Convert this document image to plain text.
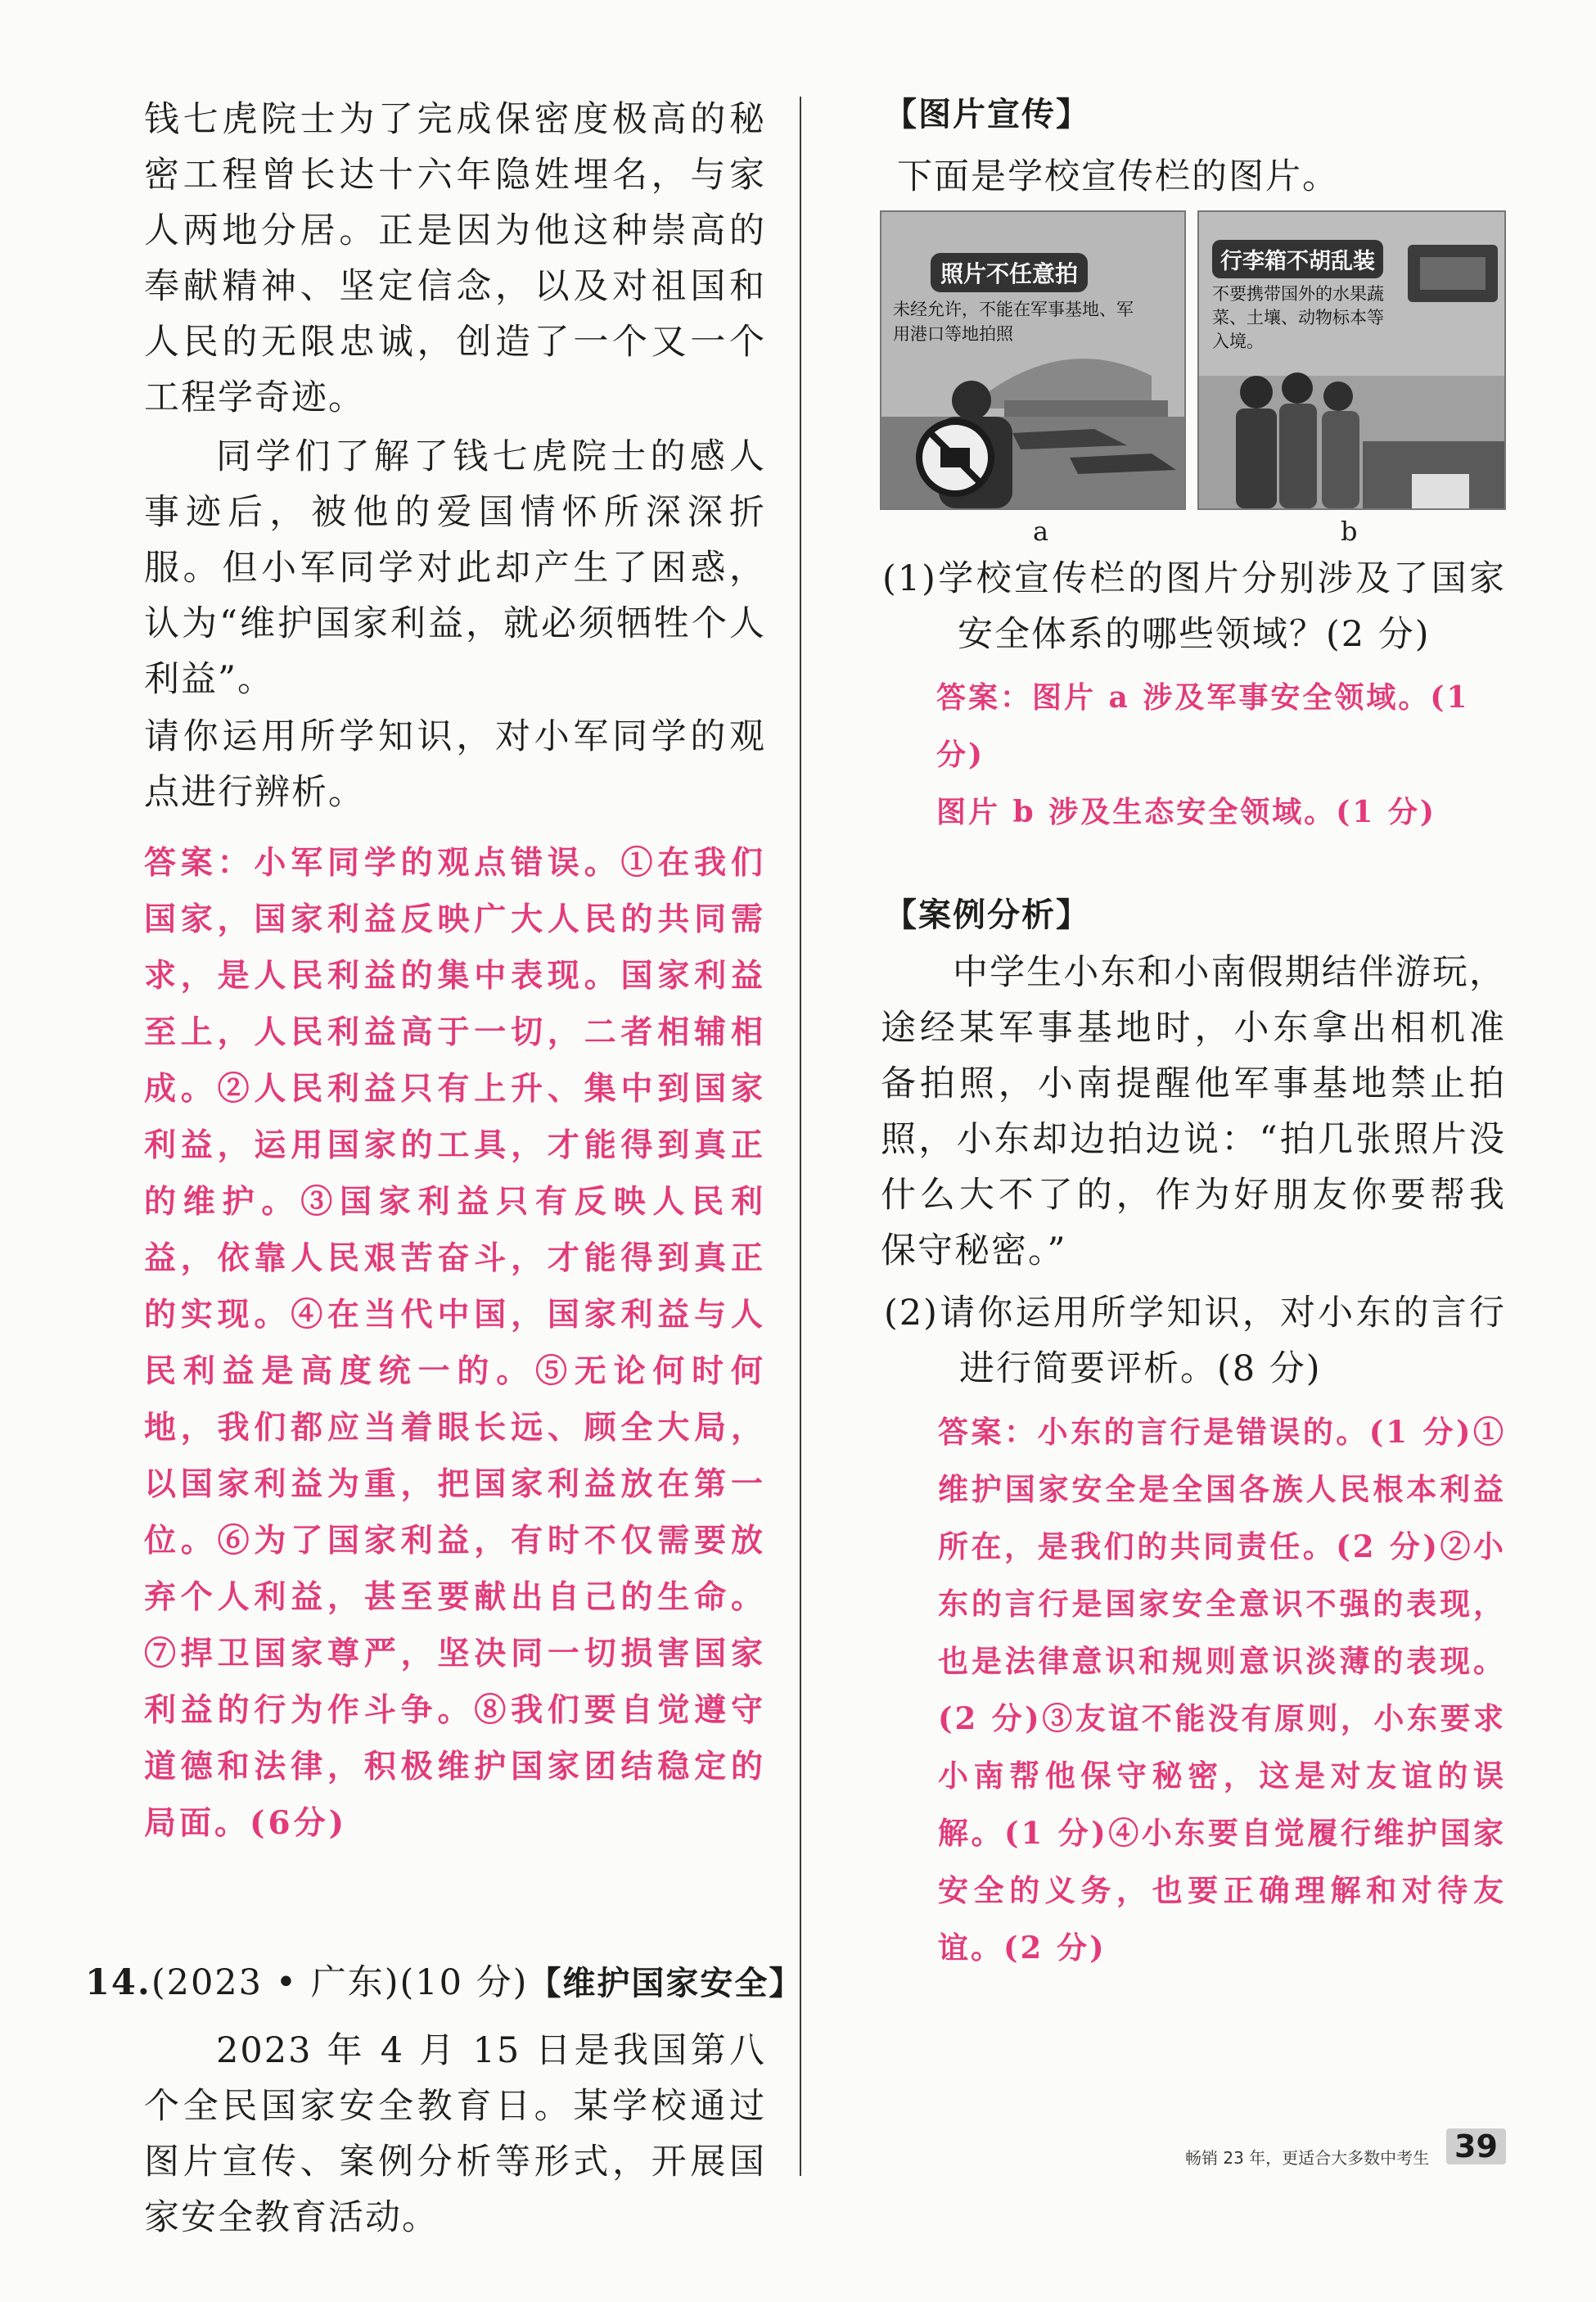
钱七虎院士为了完成保密度极高的秘密工程曾长达十六年隐姓埋名，与家人两地分居。正是因为他这种崇高的奉献精神、坚定信念，以及对祖国和人民的无限忠诚，创造了一个又一个工程学奇迹。

同学们了解了钱七虎院士的感人事迹后，被他的爱国情怀所深深折服。但小军同学对此却产生了困惑，认为“维护国家利益，就必须牺牲个人利益”。

请你运用所学知识，对小军同学的观点进行辨析。

答案：小军同学的观点错误。①在我们国家，国家利益反映广大人民的共同需求，是人民利益的集中表现。国家利益至上，人民利益高于一切，二者相辅相成。②人民利益只有上升、集中到国家利益，运用国家的工具，才能得到真正的维护。③国家利益只有反映人民利益，依靠人民艰苦奋斗，才能得到真正的实现。④在当代中国，国家利益与人民利益是高度统一的。⑤无论何时何地，我们都应当着眼长远、顾全大局，以国家利益为重，把国家利益放在第一位。⑥为了国家利益，有时不仅需要放弃个人利益，甚至要献出自己的生命。⑦捍卫国家尊严，坚决同一切损害国家利益的行为作斗争。⑧我们要自觉遵守道德和法律，积极维护国家团结稳定的局面。(6分)

14.(2023 • 广东)(10 分)【维护国家安全】

2023 年 4 月 15 日是我国第八个全民国家安全教育日。某学校通过图片宣传、案例分析等形式，开展国家安全教育活动。

【图片宣传】

下面是学校宣传栏的图片。

照片不任意拍
未经允许，不能在军事基地、军用港口等地拍照
a
行李箱不胡乱装
不要携带国外的水果蔬菜、土壤、动物标本等入境。
b

(1)学校宣传栏的图片分别涉及了国家安全体系的哪些领域？(2 分)

答案：图片 a 涉及军事安全领域。(1 分)

图片 b 涉及生态安全领域。(1 分)

【案例分析】

中学生小东和小南假期结伴游玩，途经某军事基地时，小东拿出相机准备拍照，小南提醒他军事基地禁止拍照，小东却边拍边说：“拍几张照片没什么大不了的，作为好朋友你要帮我保守秘密。”

(2)请你运用所学知识，对小东的言行进行简要评析。(8 分)

答案：小东的言行是错误的。(1 分)①维护国家安全是全国各族人民根本利益所在，是我们的共同责任。(2 分)②小东的言行是国家安全意识不强的表现，也是法律意识和规则意识淡薄的表现。(2 分)③友谊不能没有原则，小东要求小南帮他保守秘密，这是对友谊的误解。(1 分)④小东要自觉履行维护国家安全的义务，也要正确理解和对待友谊。(2 分)

畅销 23 年，更适合大多数中考生 39
